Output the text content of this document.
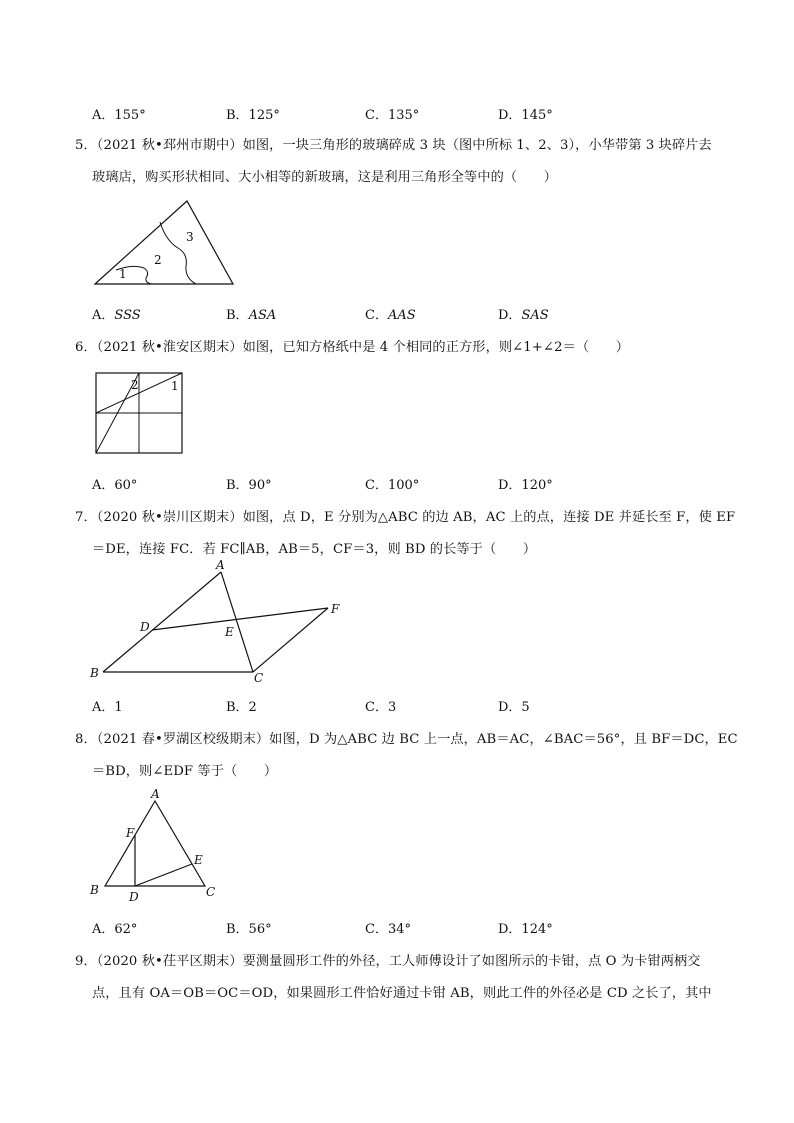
A．155°	B．125°	C．135°	D．145°
5．（2021 秋•邳州市期中）如图，一块三角形的玻璃碎成 3 块（图中所标 1、2、3），小华带第 3 块碎片去
玻璃店，购买形状相同、大小相等的新玻璃，这是利用三角形全等中的（　　）
1
2
3
A．SSS	B．ASA	C．AAS	D．SAS
6．（2021 秋•淮安区期末）如图，已知方格纸中是 4 个相同的正方形，则∠1+∠2＝（　　）
2	1
A．60°	B．90°	C．100°	D．120°
7．（2020 秋•崇川区期末）如图，点 D，E 分别为△ABC 的边 AB，AC 上的点，连接 DE 并延长至 F，使 EF
＝DE，连接 FC．若 FC∥AB，AB＝5，CF＝3，则 BD 的长等于（　　）
A
B	C
D	E
F
A．1	B．2	C．3	D．5
8．（2021 春•罗湖区校级期末）如图，D 为△ABC 边 BC 上一点，AB＝AC，∠BAC＝56°，且 BF＝DC，EC
＝BD，则∠EDF 等于（　　）
A
B	C
D
E
F
A．62°	B．56°	C．34°	D．124°
9．（2020 秋•茌平区期末）要测量圆形工件的外径，工人师傅设计了如图所示的卡钳，点 O 为卡钳两柄交
点，且有 OA＝OB＝OC＝OD，如果圆形工件恰好通过卡钳 AB，则此工件的外径必是 CD 之长了，其中
